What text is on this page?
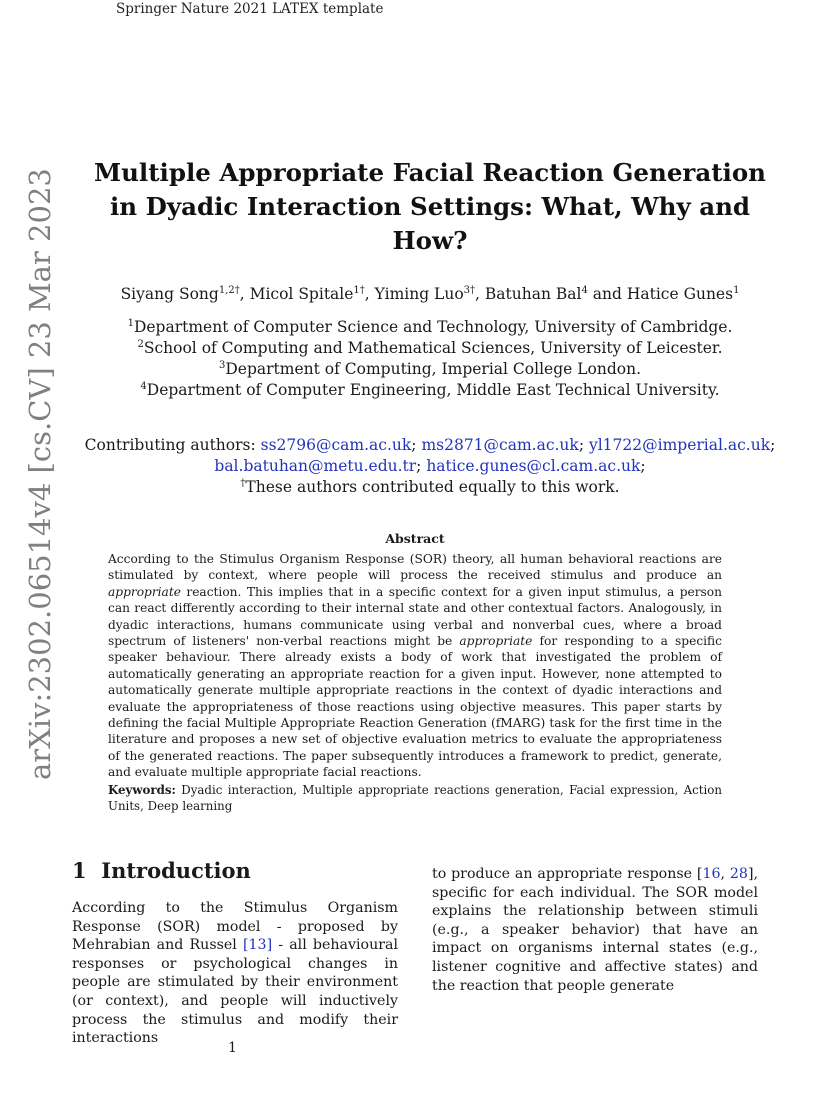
Springer Nature 2021 LATEX template
arXiv:2302.06514v4 [cs.CV] 23 Mar 2023	Multiple Appropriate Facial Reaction Generation
in Dyadic Interaction Settings: What, Why and
How?
Siyang Song$^{1,2\dagger}$, Micol Spitale$^{1\dagger}$, Yiming Luo$^{3\dagger}$, Batuhan Bal$^4$ and Hatice Gunes$^1$
$^1$Department of Computer Science and Technology, University of Cambridge.
$^2$School of Computing and Mathematical Sciences, University of Leicester.
$^3$Department of Computing, Imperial College London.
$^4$Department of Computer Engineering, Middle East Technical University.
Contributing authors: ss2796@cam.ac.uk; ms2871@cam.ac.uk; yl1722@imperial.ac.uk;
bal.batuhan@metu.edu.tr; hatice.gunes@cl.cam.ac.uk;
†These authors contributed equally to this work.
Abstract
According to the Stimulus Organism Response (SOR) theory, all human behavioral reactions are stimulated by context, where people will process the received stimulus and produce an appropriate reaction. This implies that in a specific context for a given input stimulus, a person can react differently according to their internal state and other contextual factors. Analogously, in dyadic interactions, humans communicate using verbal and nonverbal cues, where a broad spectrum of listeners' non-verbal reactions might be appropriate for responding to a specific speaker behaviour. There already exists a body of work that investigated the problem of automatically generating an appropriate reaction for a given input. However, none attempted to automatically generate multiple appropriate reactions in the context of dyadic interactions and evaluate the appropriateness of those reactions using objective measures. This paper starts by defining the facial Multiple Appropriate Reaction Generation (fMARG) task for the first time in the literature and proposes a new set of objective evaluation metrics to evaluate the appropriateness of the generated reactions. The paper subsequently introduces a framework to predict, generate, and evaluate multiple appropriate facial reactions.
Keywords: Dyadic interaction, Multiple appropriate reactions generation, Facial expression, Action Units, Deep learning
1 Introduction
According to the Stimulus Organism Response (SOR) model - proposed by Mehrabian and Russel [13] - all behavioural responses or psychological changes in people are stimulated by their environment (or context), and people will inductively process the stimulus and modify their interactions
to produce an appropriate response [16, 28], specific for each individual. The SOR model explains the relationship between stimuli (e.g., a speaker behavior) that have an impact on organisms internal states (e.g., listener cognitive and affective states) and the reaction that people generate
1
